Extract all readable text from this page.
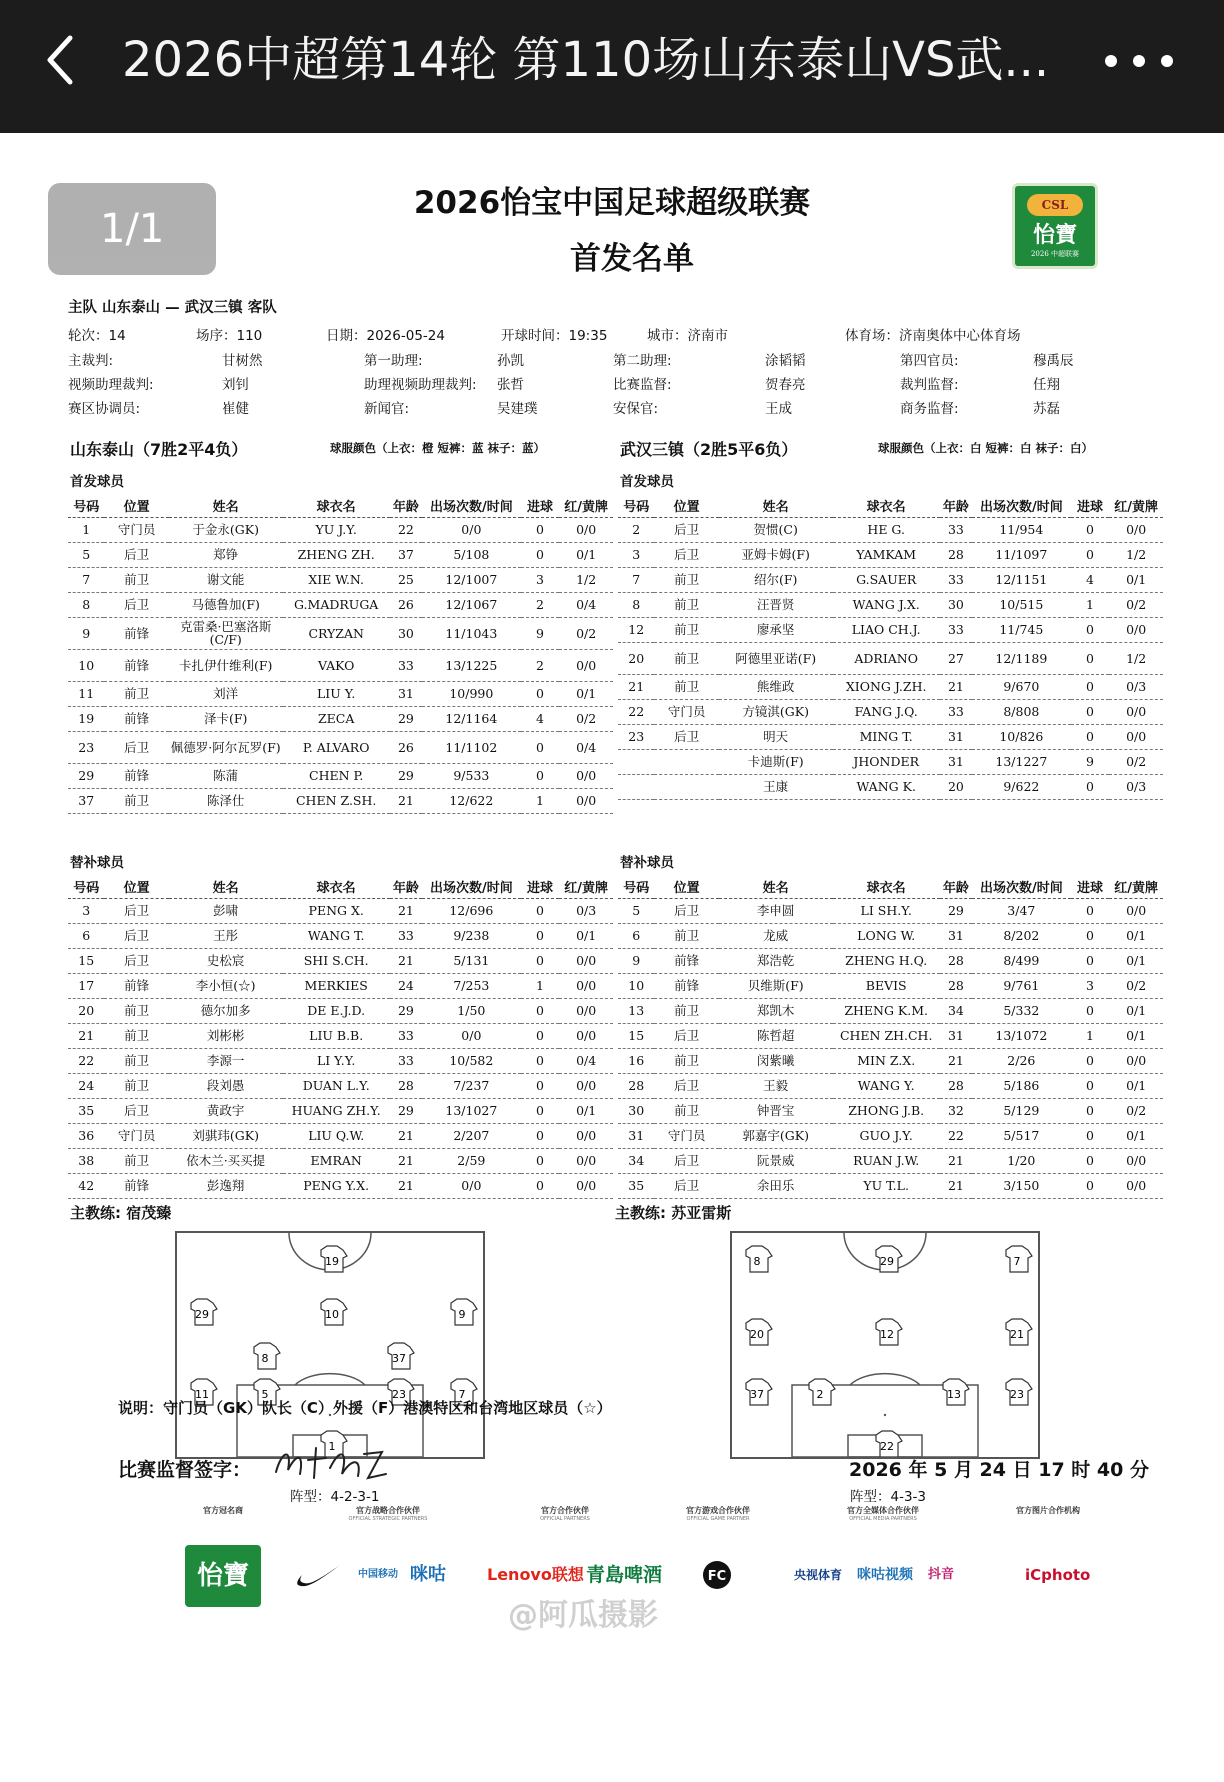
2026中超第14轮 第110场山东泰山VS武...
1/1
2026怡宝中国足球超级联赛
首发名单
CSL
怡寶
2026 中超联赛
主队 山东泰山 — 武汉三镇 客队
山东泰山（7胜2平4负）	球服颜色（上衣：橙 短裤：蓝 袜子：蓝）	武汉三镇（2胜5平6负）	球服颜色（上衣：白 短裤：白 袜子：白）
首发球员	首发球员
号码	位置	姓名	球衣名	年龄	出场次数/时间	进球	红/黄牌
1	守门员	于金永(GK)	YU J.Y.	22	0/0	0	0/0
5	后卫	郑铮	ZHENG ZH.	37	5/108	0	0/1
7	前卫	谢文能	XIE W.N.	25	12/1007	3	1/2
8	后卫	马德鲁加(F)	G.MADRUGA	26	12/1067	2	0/4
9	前锋	克雷桑·巴塞洛斯(C/F)	CRYZAN	30	11/1043	9	0/2
10	前锋	卡扎伊什维利(F)	VAKO	33	13/1225	2	0/0
11	前卫	刘洋	LIU Y.	31	10/990	0	0/1
19	前锋	泽卡(F)	ZECA	29	12/1164	4	0/2
23	后卫	佩德罗·阿尔瓦罗(F)	P. ALVARO	26	11/1102	0	0/4
29	前锋	陈蒲	CHEN P.	29	9/533	0	0/0
37	前卫	陈泽仕	CHEN Z.SH.	21	12/622	1	0/0
号码	位置	姓名	球衣名	年龄	出场次数/时间	进球	红/黄牌
2	后卫	贺惯(C)	HE G.	33	11/954	0	0/0
3	后卫	亚姆卡姆(F)	YAMKAM	28	11/1097	0	1/2
7	前卫	绍尔(F)	G.SAUER	33	12/1151	4	0/1
8	前卫	汪晋贤	WANG J.X.	30	10/515	1	0/2
12	前卫	廖承坚	LIAO CH.J.	33	11/745	0	0/0
20	前卫	阿德里亚诺(F)	ADRIANO	27	12/1189	0	1/2
21	前卫	熊维政	XIONG J.ZH.	21	9/670	0	0/3
22	守门员	方镜淇(GK)	FANG J.Q.	33	8/808	0	0/0
23	后卫	明天	MING T.	31	10/826	0	0/0
		卡迪斯(F)	JHONDER	31	13/1227	9	0/2
		王康	WANG K.	20	9/622	0	0/3
替补球员	替补球员
号码	位置	姓名	球衣名	年龄	出场次数/时间	进球	红/黄牌
3	后卫	彭啸	PENG X.	21	12/696	0	0/3
6	后卫	王彤	WANG T.	33	9/238	0	0/1
15	后卫	史松宸	SHI S.CH.	21	5/131	0	0/0
17	前锋	李小恒(☆)	MERKIES	24	7/253	1	0/0
20	前卫	德尔加多	DE E.J.D.	29	1/50	0	0/0
21	前卫	刘彬彬	LIU B.B.	33	0/0	0	0/0
22	前卫	李源一	LI Y.Y.	33	10/582	0	0/4
24	前卫	段刘愚	DUAN L.Y.	28	7/237	0	0/0
35	后卫	黄政宇	HUANG ZH.Y.	29	13/1027	0	0/1
36	守门员	刘骐玮(GK)	LIU Q.W.	21	2/207	0	0/0
38	前卫	依木兰·买买提	EMRAN	21	2/59	0	0/0
42	前锋	彭逸翔	PENG Y.X.	21	0/0	0	0/0
号码	位置	姓名	球衣名	年龄	出场次数/时间	进球	红/黄牌
5	后卫	李申圆	LI SH.Y.	29	3/47	0	0/0
6	前卫	龙威	LONG W.	31	8/202	0	0/1
9	前锋	郑浩乾	ZHENG H.Q.	28	8/499	0	0/1
10	前锋	贝维斯(F)	BEVIS	28	9/761	3	0/2
13	前卫	郑凯木	ZHENG K.M.	34	5/332	0	0/1
15	后卫	陈哲超	CHEN ZH.CH.	31	13/1072	1	0/1
16	前卫	闵紫曦	MIN Z.X.	21	2/26	0	0/0
28	后卫	王毅	WANG Y.	28	5/186	0	0/1
30	前卫	钟晋宝	ZHONG J.B.	32	5/129	0	0/2
31	守门员	郭嘉宇(GK)	GUO J.Y.	22	5/517	0	0/1
34	后卫	阮景威	RUAN J.W.	21	1/20	0	0/0
35	后卫	余田乐	YU T.L.	21	3/150	0	0/0
主教练: 宿茂臻	主教练: 苏亚雷斯
19
29	10	9
8	37
11	5	23	7
1
8	29	7
20	12	21
37	2	13	23
22
阵型：4-2-3-1	阵型：4-3-3
轮次：14	场序：110	日期：2026-05-24	开球时间：19:35	城市：济南市	体育场：济南奥体中心体育场
主裁判:	甘树然	第一助理:	孙凯	第二助理:	涂韬韬	第四官员:	穆禹辰
视频助理裁判:	刘钊	助理视频助理裁判: 张哲	比赛监督:	贺春亮	裁判监督:	任翔
赛区协调员:	崔健	新闻官:	吴建璞	安保官:	王成	商务监督:	苏磊
说明：守门员（GK）队长（C）外援（F）港澳特区和台湾地区球员（☆）
比赛监督签字：	2026 年 5 月 24 日 17 时 40 分
怡寶	中国移动 咪咕	Lenovo联想 青島啤酒	FC	央视体育 咪咕视频 抖音	iCphoto
@阿瓜摄影
官方冠名商	官方战略合作伙伴
OFFICIAL STRATEGIC PARTNERS
官方合作伙伴
OFFICIAL PARTNERS
官方游戏合作伙伴
OFFICIAL GAME PARTNER
官方全媒体合作伙伴
OFFICIAL MEDIA PARTNERS
官方图片合作机构
